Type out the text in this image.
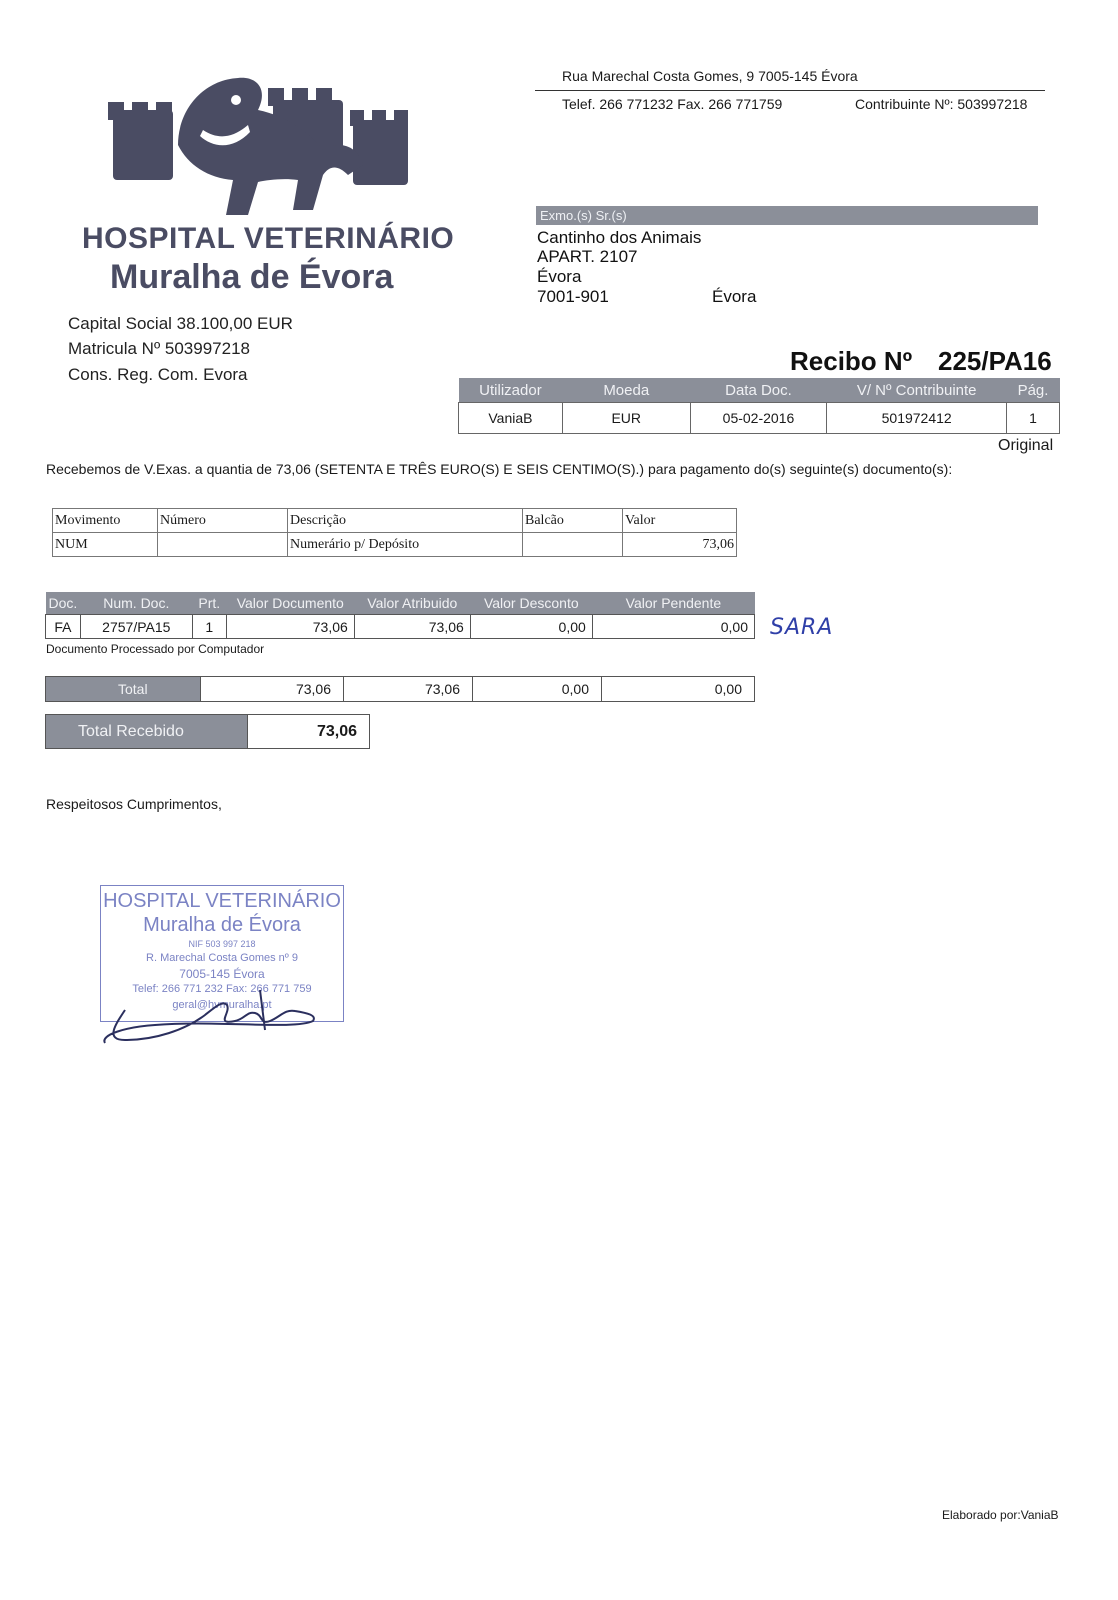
HOSPITAL VETERINÁRIO
Muralha de Évora
Capital Social 38.100,00 EUR
Matricula Nº 503997218
Cons. Reg. Com. Evora
Rua Marechal Costa Gomes, 9 7005-145 Évora
Telef. 266 771232 Fax. 266 771759	Contribuinte Nº: 503997218
Exmo.(s) Sr.(s)
Cantinho dos Animais
APART. 2107
Évora
7001-901	Évora
Recibo Nº 225/PA16
Utilizador	Moeda	Data Doc.	V/ Nº Contribuinte	Pág.
VaniaB	EUR	05-02-2016	501972412	1
Original
Recebemos de V.Exas. a quantia de 73,06 (SETENTA E TRÊS EURO(S) E SEIS CENTIMO(S).) para pagamento do(s) seguinte(s) documento(s):
Movimento	Número	Descrição	Balcão	Valor
NUM		Numerário p/ Depósito		73,06
Doc.	Num. Doc.	Prt.	Valor Documento	Valor Atribuido	Valor Desconto	Valor Pendente
FA	2757/PA15	1	73,06	73,06	0,00	0,00
Documento Processado por Computador
SARA
Total	73,06	73,06	0,00	0,00
Total Recebido	73,06
Respeitosos Cumprimentos,
HOSPITAL VETERINÁRIO
Muralha de Évora
NIF 503 997 218
R. Marechal Costa Gomes nº 9
7005-145 Évora
Telef: 266 771 232 Fax: 266 771 759
geral@hvmuralha.pt
Elaborado por:VaniaB
